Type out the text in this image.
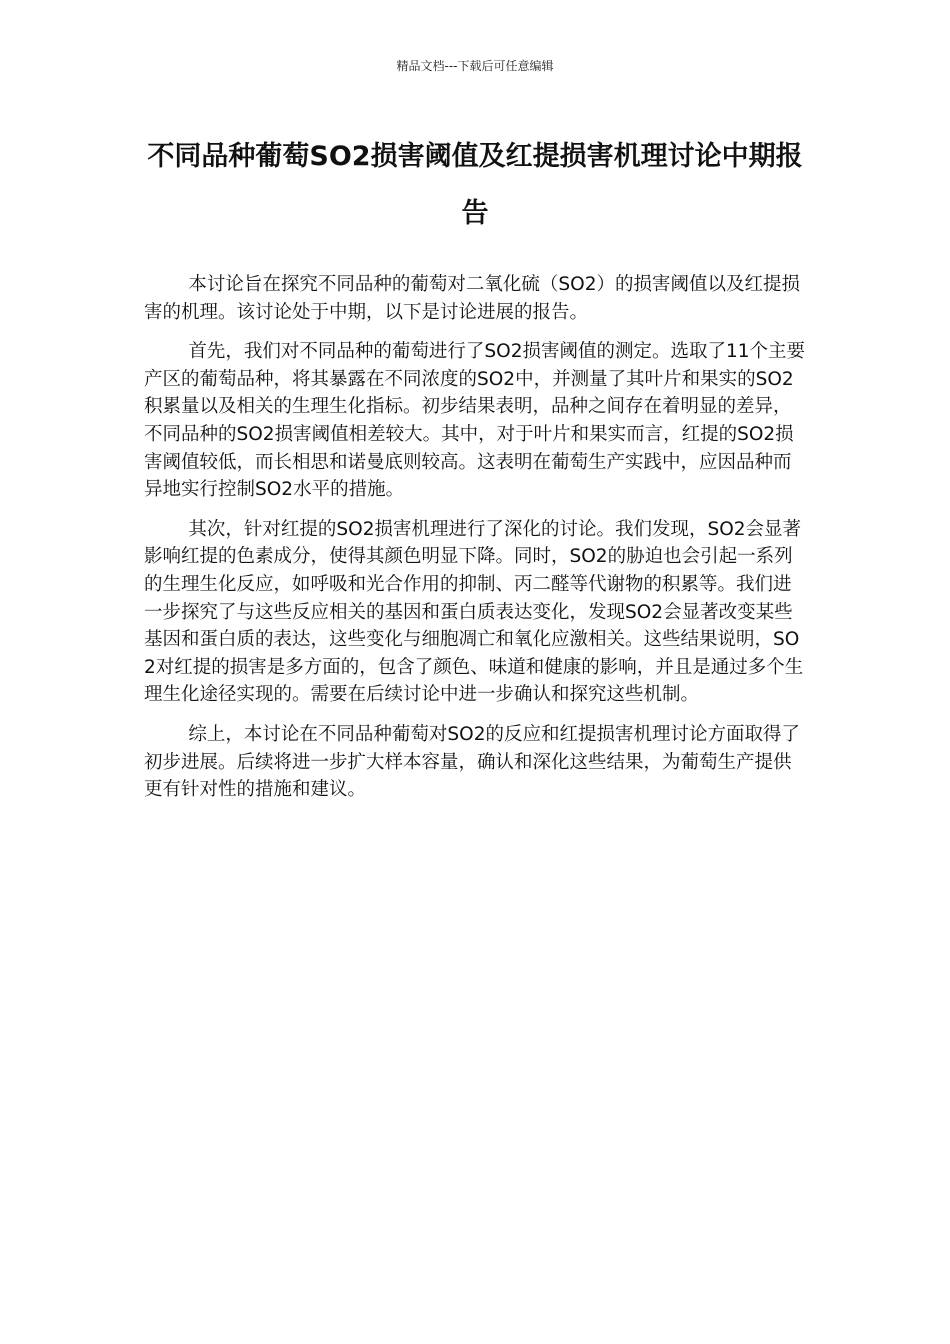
精品文档---下载后可任意编辑
不同品种葡萄SO2损害阈值及红提损害机理讨论中期报告

本讨论旨在探究不同品种的葡萄对二氧化硫（SO2）的损害阈值以及红提损害的机理。该讨论处于中期，以下是讨论进展的报告。

首先，我们对不同品种的葡萄进行了SO2损害阈值的测定。选取了11个主要产区的葡萄品种，将其暴露在不同浓度的SO2中，并测量了其叶片和果实的SO2积累量以及相关的生理生化指标。初步结果表明，品种之间存在着明显的差异，不同品种的SO2损害阈值相差较大。其中，对于叶片和果实而言，红提的SO2损害阈值较低，而长相思和诺曼底则较高。这表明在葡萄生产实践中，应因品种而异地实行控制SO2水平的措施。

其次，针对红提的SO2损害机理进行了深化的讨论。我们发现，SO2会显著影响红提的色素成分，使得其颜色明显下降。同时，SO2的胁迫也会引起一系列的生理生化反应，如呼吸和光合作用的抑制、丙二醛等代谢物的积累等。我们进一步探究了与这些反应相关的基因和蛋白质表达变化，发现SO2会显著改变某些基因和蛋白质的表达，这些变化与细胞凋亡和氧化应激相关。这些结果说明，SO2对红提的损害是多方面的，包含了颜色、味道和健康的影响，并且是通过多个生理生化途径实现的。需要在后续讨论中进一步确认和探究这些机制。

综上，本讨论在不同品种葡萄对SO2的反应和红提损害机理讨论方面取得了初步进展。后续将进一步扩大样本容量，确认和深化这些结果，为葡萄生产提供更有针对性的措施和建议。
